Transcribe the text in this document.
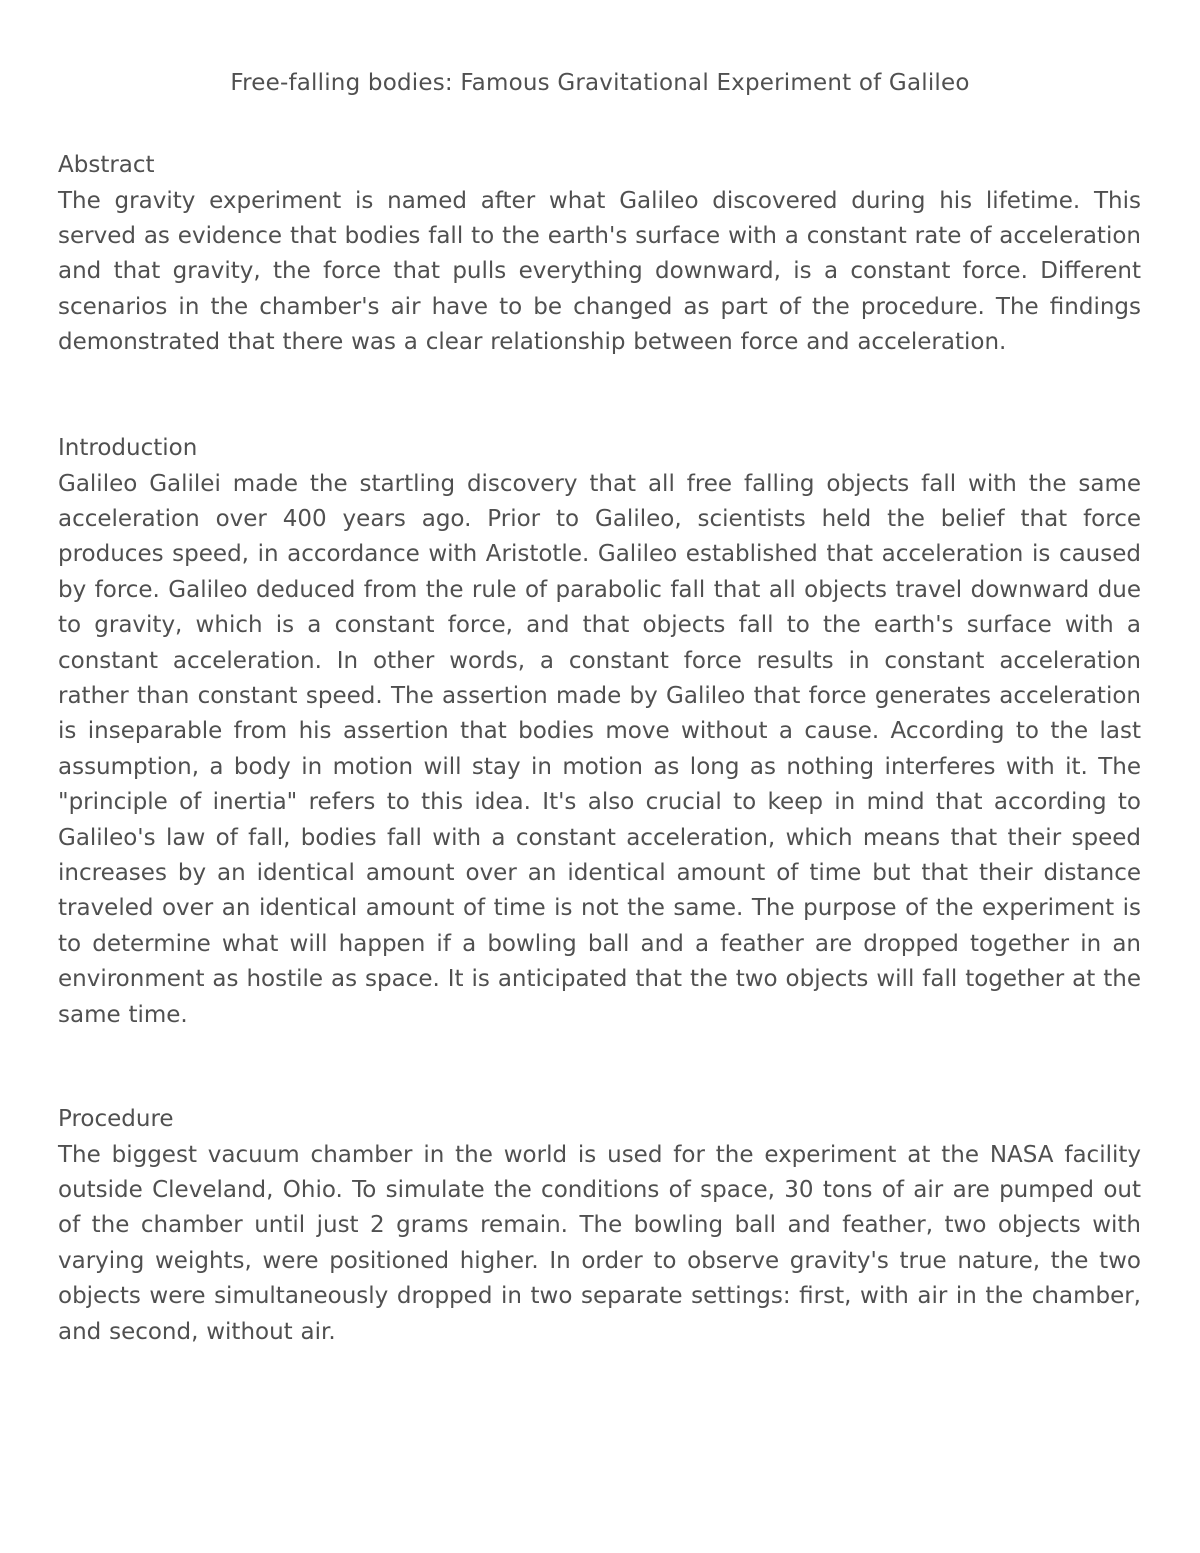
Free-falling bodies: Famous Gravitational Experiment of Galileo
Abstract

The gravity experiment is named after what Galileo discovered during his lifetime. This served as evidence that bodies fall to the earth's surface with a constant rate of acceleration and that gravity, the force that pulls everything downward, is a constant force. Different scenarios in the chamber's air have to be changed as part of the procedure. The findings demonstrated that there was a clear relationship between force and acceleration.

Introduction

Galileo Galilei made the startling discovery that all free falling objects fall with the same acceleration over 400 years ago. Prior to Galileo, scientists held the belief that force produces speed, in accordance with Aristotle. Galileo established that acceleration is caused by force. Galileo deduced from the rule of parabolic fall that all objects travel downward due to gravity, which is a constant force, and that objects fall to the earth's surface with a constant acceleration. In other words, a constant force results in constant acceleration rather than constant speed. The assertion made by Galileo that force generates acceleration is inseparable from his assertion that bodies move without a cause. According to the last assumption, a body in motion will stay in motion as long as nothing interferes with it. The "principle of inertia" refers to this idea. It's also crucial to keep in mind that according to Galileo's law of fall, bodies fall with a constant acceleration, which means that their speed increases by an identical amount over an identical amount of time but that their distance traveled over an identical amount of time is not the same. The purpose of the experiment is to determine what will happen if a bowling ball and a feather are dropped together in an environment as hostile as space. It is anticipated that the two objects will fall together at the same time.

Procedure

The biggest vacuum chamber in the world is used for the experiment at the NASA facility outside Cleveland, Ohio. To simulate the conditions of space, 30 tons of air are pumped out of the chamber until just 2 grams remain. The bowling ball and feather, two objects with varying weights, were positioned higher. In order to observe gravity's true nature, the two objects were simultaneously dropped in two separate settings: first, with air in the chamber, and second, without air.
